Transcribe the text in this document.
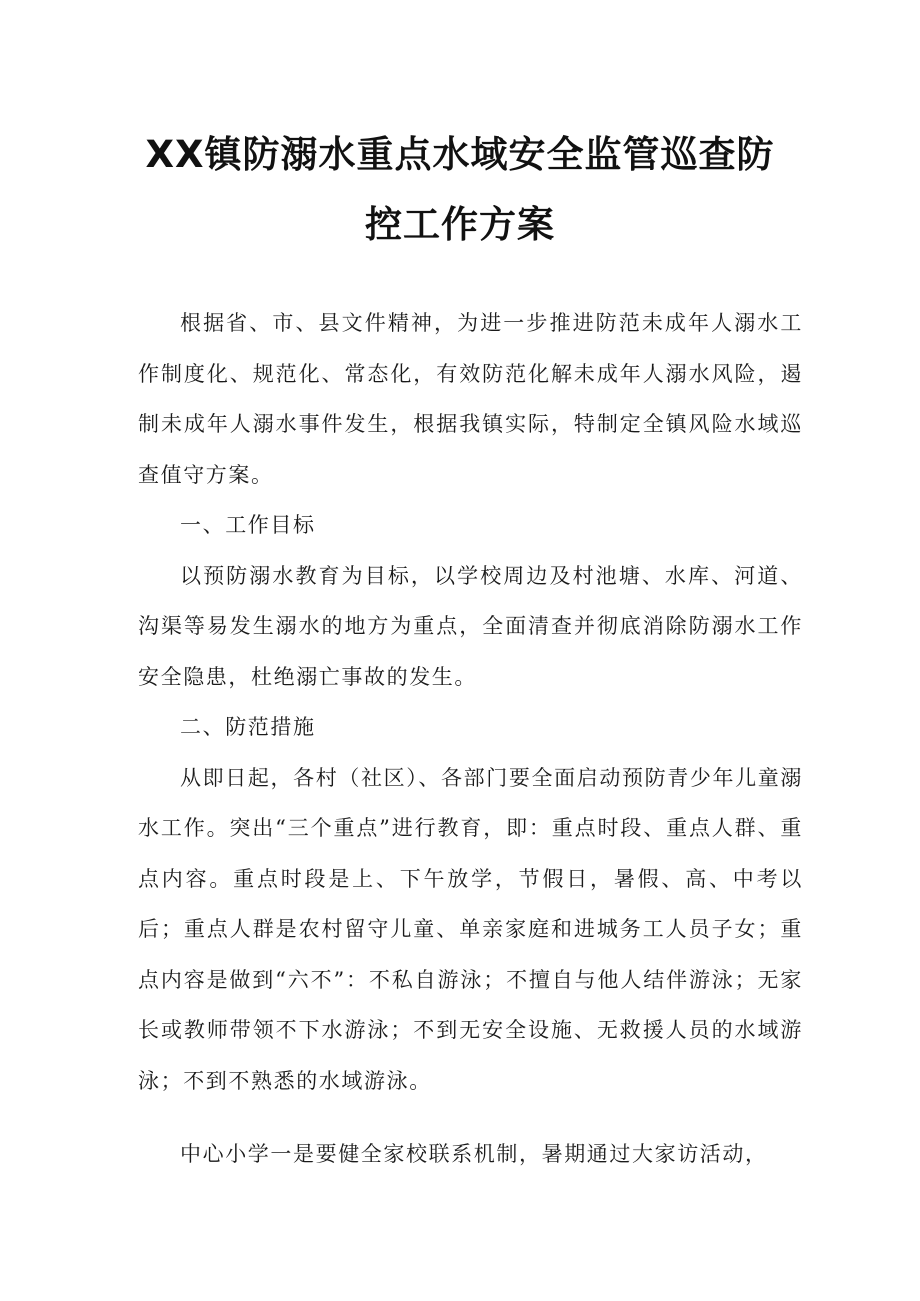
XX镇防溺水重点水域安全监管巡查防
控工作方案

根据省、市、县文件精神，为进一步推进防范未成年人溺水工作制度化、规范化、常态化，有效防范化解未成年人溺水风险，遏制未成年人溺水事件发生，根据我镇实际，特制定全镇风险水域巡查值守方案。

一、工作目标

以预防溺水教育为目标，以学校周边及村池塘、水库、河道、沟渠等易发生溺水的地方为重点，全面清查并彻底消除防溺水工作安全隐患，杜绝溺亡事故的发生。

二、防范措施

从即日起，各村（社区）、各部门要全面启动预防青少年儿童溺水工作。突出“三个重点”进行教育，即：重点时段、重点人群、重点内容。重点时段是上、下午放学，节假日，暑假、高、中考以后；重点人群是农村留守儿童、单亲家庭和进城务工人员子女；重点内容是做到“六不”：不私自游泳；不擅自与他人结伴游泳；无家长或教师带领不下水游泳；不到无安全设施、无救援人员的水域游泳；不到不熟悉的水域游泳。

中心小学一是要健全家校联系机制，暑期通过大家访活动，
